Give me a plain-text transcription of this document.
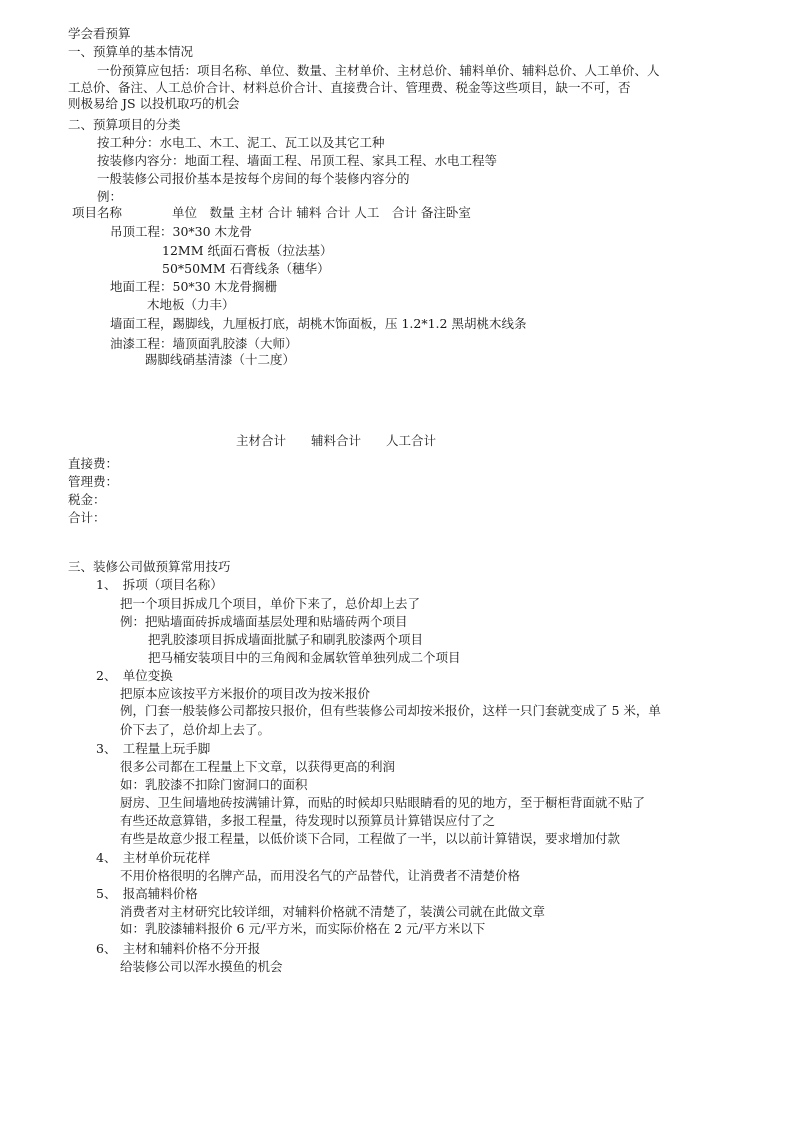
学会看预算
一、预算单的基本情况
一份预算应包括：项目名称、单位、数量、主材单价、主材总价、辅料单价、辅料总价、人工单价、人
工总价、备注、人工总价合计、材料总价合计、直接费合计、管理费、税金等这些项目，缺一不可，否
则极易给 JS 以投机取巧的机会
二、预算项目的分类
按工种分：水电工、木工、泥工、瓦工以及其它工种
按装修内容分：地面工程、墙面工程、吊顶工程、家具工程、水电工程等
一般装修公司报价基本是按每个房间的每个装修内容分的
例：
项目名称　　　　单位　数量 主材 合计 辅料 合计 人工　合计 备注卧室
吊顶工程：30*30 木龙骨
12MM 纸面石膏板（拉法基）
50*50MM 石膏线条（穗华）
地面工程：50*30 木龙骨搁栅
木地板（力丰）
墙面工程，踢脚线，九厘板打底，胡桃木饰面板，压 1.2*1.2 黑胡桃木线条
油漆工程：墙顶面乳胶漆（大师）
踢脚线硝基清漆（十二度）
主材合计　　辅料合计　　人工合计
直接费：
管理费：
税金：
合计：
三、装修公司做预算常用技巧
1、　拆项（项目名称）
把一个项目拆成几个项目，单价下来了，总价却上去了
例：把贴墙面砖拆成墙面基层处理和贴墙砖两个项目
把乳胶漆项目拆成墙面批腻子和刷乳胶漆两个项目
把马桶安装项目中的三角阀和金属软管单独列成二个项目
2、　单位变换
把原本应该按平方米报价的项目改为按米报价
例，门套一般装修公司都按只报价，但有些装修公司却按米报价，这样一只门套就变成了 5 米，单
价下去了，总价却上去了。
3、　工程量上玩手脚
很多公司都在工程量上下文章，以获得更高的利润
如：乳胶漆不扣除门窗洞口的面积
厨房、卫生间墙地砖按满铺计算，而贴的时候却只贴眼睛看的见的地方，至于橱柜背面就不贴了
有些还故意算错，多报工程量，待发现时以预算员计算错误应付了之
有些是故意少报工程量，以低价谈下合同，工程做了一半，以以前计算错误，要求增加付款
4、　主材单价玩花样
不用价格很明的名牌产品，而用没名气的产品替代，让消费者不清楚价格
5、　报高辅料价格
消费者对主材研究比较详细，对辅料价格就不清楚了，装潢公司就在此做文章
如：乳胶漆辅料报价 6 元/平方米，而实际价格在 2 元/平方米以下
6、　主材和辅料价格不分开报
给装修公司以浑水摸鱼的机会
